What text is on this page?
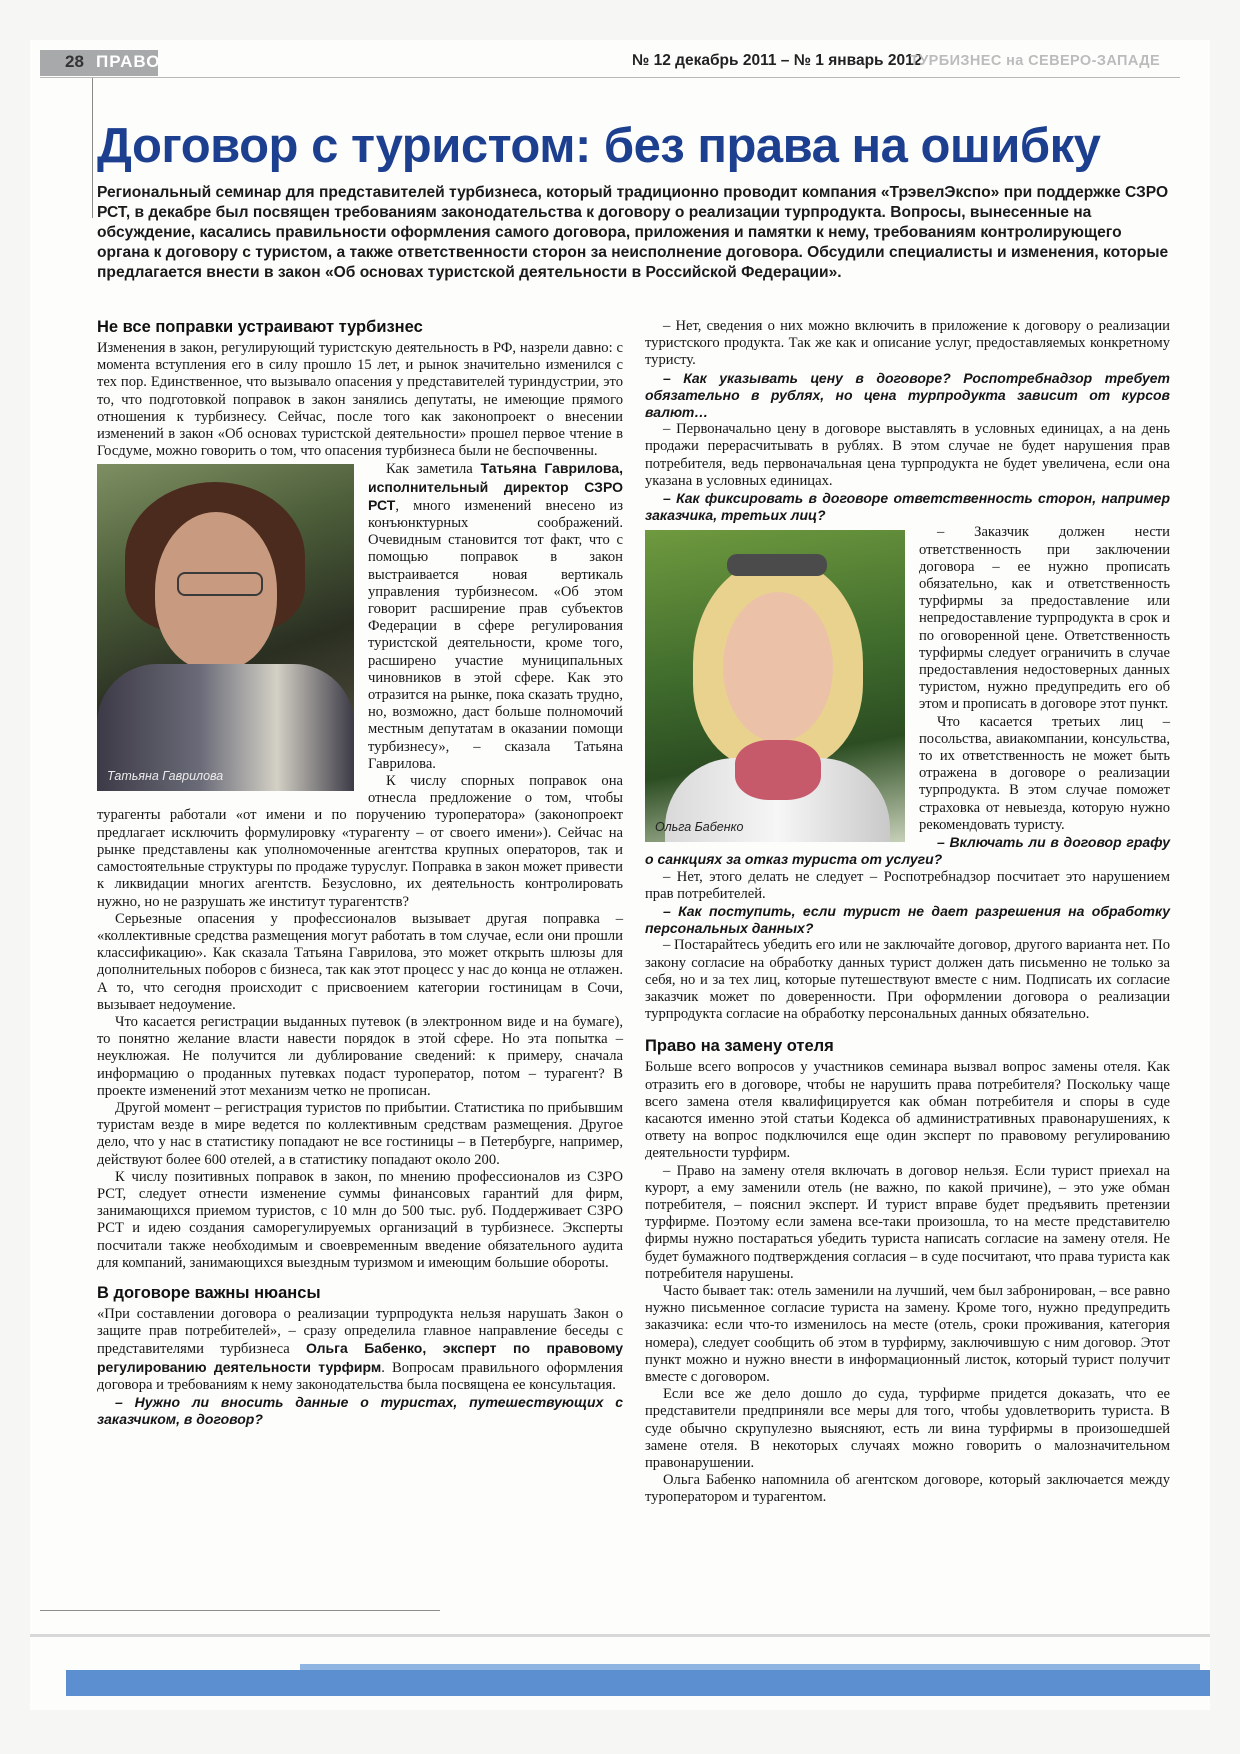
28 ПРАВО	№ 12 декабрь 2011 – № 1 январь 2012
ТУРБИЗНЕС на СЕВЕРО-ЗАПАДЕ
Договор с туристом: без права на ошибку

Региональный семинар для представителей турбизнеса, который традиционно проводит компания «ТрэвелЭкспо» при поддержке СЗРО РСТ, в декабре был посвящен требованиям законодательства к договору о реализации турпродукта. Вопросы, вынесенные на обсуждение, касались правильности оформления самого договора, приложения и памятки к нему, требованиям контролирующего органа к договору с туристом, а также ответственности сторон за неисполнение договора. Обсудили специалисты и изменения, которые предлагается внести в закон «Об основах туристской деятельности в Российской Федерации».

Не все поправки устраивают турбизнес

Изменения в закон, регулирующий туристскую деятельность в РФ, назрели давно: с момента вступления его в силу прошло 15 лет, и рынок значительно изменился с тех пор. Единственное, что вызывало опасения у представителей туриндустрии, это то, что подготовкой поправок в закон занялись депутаты, не имеющие прямого отношения к турбизнесу. Сейчас, после того как законопроект о внесении изменений в закон «Об основах туристской деятельности» прошел первое чтение в Госдуме, можно говорить о том, что опасения турбизнеса были не беспочвенны.

Татьяна Гаврилова

Как заметила Татьяна Гаврилова, исполнительный директор СЗРО РСТ, много изменений внесено из конъюнктурных соображений. Очевидным становится тот факт, что с помощью поправок в закон выстраивается новая вертикаль управления турбизнесом. «Об этом говорит расширение прав субъектов Федерации в сфере регулирования туристской деятельности, кроме того, расширено участие муниципальных чиновников в этой сфере. Как это отразится на рынке, пока сказать трудно, но, возможно, даст больше полномочий местным депутатам в оказании помощи турбизнесу», – сказала Татьяна Гаврилова.

К числу спорных поправок она отнесла предложение о том, чтобы турагенты работали «от имени и по поручению туроператора» (законопроект предлагает исключить формулировку «турагенту – от своего имени»). Сейчас на рынке представлены как уполномоченные агентства крупных операторов, так и самостоятельные структуры по продаже туруслуг. Поправка в закон может привести к ликвидации многих агентств. Безусловно, их деятельность контролировать нужно, но не разрушать же институт турагентств?

Серьезные опасения у профессионалов вызывает другая поправка – «коллективные средства размещения могут работать в том случае, если они прошли классификацию». Как сказала Татьяна Гаврилова, это может открыть шлюзы для дополнительных поборов с бизнеса, так как этот процесс у нас до конца не отлажен. А то, что сегодня происходит с присвоением категории гостиницам в Сочи, вызывает недоумение.

Что касается регистрации выданных путевок (в электронном виде и на бумаге), то понятно желание власти навести порядок в этой сфере. Но эта попытка – неуклюжая. Не получится ли дублирование сведений: к примеру, сначала информацию о проданных путевках подаст туроператор, потом – турагент? В проекте изменений этот механизм четко не прописан.

Другой момент – регистрация туристов по прибытии. Статистика по прибывшим туристам везде в мире ведется по коллективным средствам размещения. Другое дело, что у нас в статистику попадают не все гостиницы – в Петербурге, например, действуют более 600 отелей, а в статистику попадают около 200.

К числу позитивных поправок в закон, по мнению профессионалов из СЗРО РСТ, следует отнести изменение суммы финансовых гарантий для фирм, занимающихся приемом туристов, с 10 млн до 500 тыс. руб. Поддерживает СЗРО РСТ и идею создания саморегулируемых организаций в турбизнесе. Эксперты посчитали также необходимым и своевременным введение обязательного аудита для компаний, занимающихся выездным туризмом и имеющим большие обороты.

В договоре важны нюансы

«При составлении договора о реализации турпродукта нельзя нарушать Закон о защите прав потребителей», – сразу определила главное направление беседы с представителями турбизнеса Ольга Бабенко, эксперт по правовому регулированию деятельности турфирм. Вопросам правильного оформления договора и требованиям к нему законодательства была посвящена ее консультация.

– Нужно ли вносить данные о туристах, путешествующих с заказчиком, в договор?

– Нет, сведения о них можно включить в приложение к договору о реализации туристского продукта. Так же как и описание услуг, предоставляемых конкретному туристу.

– Как указывать цену в договоре? Роспотребнадзор требует обязательно в рублях, но цена турпродукта зависит от курсов валют…

– Первоначально цену в договоре выставлять в условных единицах, а на день продажи перерасчитывать в рублях. В этом случае не будет нарушения прав потребителя, ведь первоначальная цена турпродукта не будет увеличена, если она указана в условных единицах.

– Как фиксировать в договоре ответственность сторон, например заказчика, третьих лиц?

Ольга Бабенко

– Заказчик должен нести ответственность при заключении договора – ее нужно прописать обязательно, как и ответственность турфирмы за предоставление или непредоставление турпродукта в срок и по оговоренной цене. Ответственность турфирмы следует ограничить в случае предоставления недостоверных данных туристом, нужно предупредить его об этом и прописать в договоре этот пункт.

Что касается третьих лиц – посольства, авиакомпании, консульства, то их ответственность не может быть отражена в договоре о реализации турпродукта. В этом случае поможет страховка от невыезда, которую нужно рекомендовать туристу.

– Включать ли в договор графу о санкциях за отказ туриста от услуги?

– Нет, этого делать не следует – Роспотребнадзор посчитает это нарушением прав потребителей.

– Как поступить, если турист не дает разрешения на обработку персональных данных?

– Постарайтесь убедить его или не заключайте договор, другого варианта нет. По закону согласие на обработку данных турист должен дать письменно не только за себя, но и за тех лиц, которые путешествуют вместе с ним. Подписать их согласие заказчик может по доверенности. При оформлении договора о реализации турпродукта согласие на обработку персональных данных обязательно.

Право на замену отеля

Больше всего вопросов у участников семинара вызвал вопрос замены отеля. Как отразить его в договоре, чтобы не нарушить права потребителя? Поскольку чаще всего замена отеля квалифицируется как обман потребителя и споры в суде касаются именно этой статьи Кодекса об административных правонарушениях, к ответу на вопрос подключился еще один эксперт по правовому регулированию деятельности турфирм.

– Право на замену отеля включать в договор нельзя. Если турист приехал на курорт, а ему заменили отель (не важно, по какой причине), – это уже обман потребителя, – пояснил эксперт. И турист вправе будет предъявить претензии турфирме. Поэтому если замена все-таки произошла, то на месте представителю фирмы нужно постараться убедить туриста написать согласие на замену отеля. Не будет бумажного подтверждения согласия – в суде посчитают, что права туриста как потребителя нарушены.

Часто бывает так: отель заменили на лучший, чем был забронирован, – все равно нужно письменное согласие туриста на замену. Кроме того, нужно предупредить заказчика: если что-то изменилось на месте (отель, сроки проживания, категория номера), следует сообщить об этом в турфирму, заключившую с ним договор. Этот пункт можно и нужно внести в информационный листок, который турист получит вместе с договором.

Если все же дело дошло до суда, турфирме придется доказать, что ее представители предприняли все меры для того, чтобы удовлетворить туриста. В суде обычно скрупулезно выясняют, есть ли вина турфирмы в произошедшей замене отеля. В некоторых случаях можно говорить о малозначительном правонарушении.

Ольга Бабенко напомнила об агентском договоре, который заключается между туроператором и турагентом.
